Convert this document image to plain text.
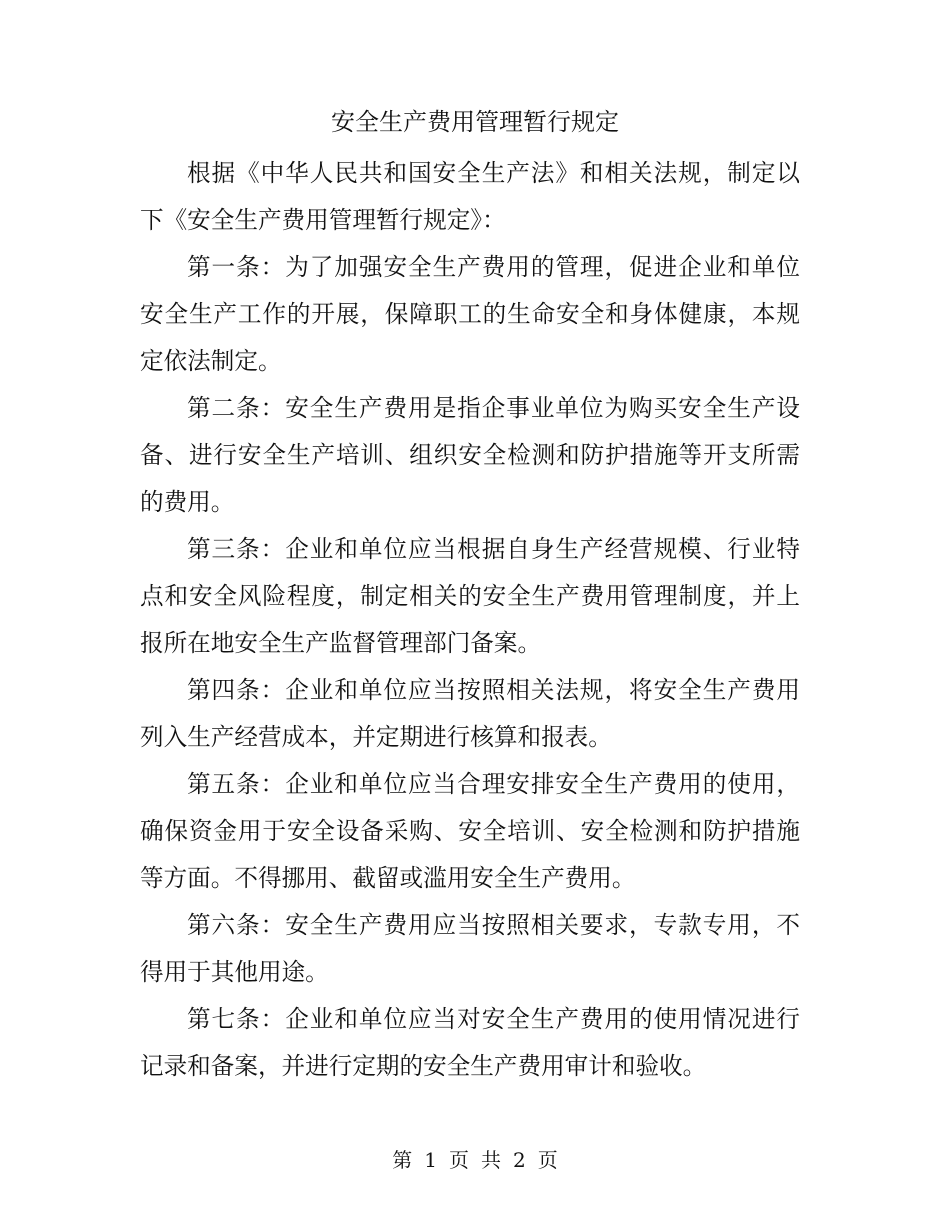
安全生产费用管理暂行规定

根据《中华人民共和国安全生产法》和相关法规，制定以下《安全生产费用管理暂行规定》：

第一条：为了加强安全生产费用的管理，促进企业和单位安全生产工作的开展，保障职工的生命安全和身体健康，本规定依法制定。

第二条：安全生产费用是指企事业单位为购买安全生产设备、进行安全生产培训、组织安全检测和防护措施等开支所需的费用。

第三条：企业和单位应当根据自身生产经营规模、行业特点和安全风险程度，制定相关的安全生产费用管理制度，并上报所在地安全生产监督管理部门备案。

第四条：企业和单位应当按照相关法规，将安全生产费用列入生产经营成本，并定期进行核算和报表。

第五条：企业和单位应当合理安排安全生产费用的使用，确保资金用于安全设备采购、安全培训、安全检测和防护措施等方面。不得挪用、截留或滥用安全生产费用。

第六条：安全生产费用应当按照相关要求，专款专用，不得用于其他用途。

第七条：企业和单位应当对安全生产费用的使用情况进行记录和备案，并进行定期的安全生产费用审计和验收。

第 1 页 共 2 页
